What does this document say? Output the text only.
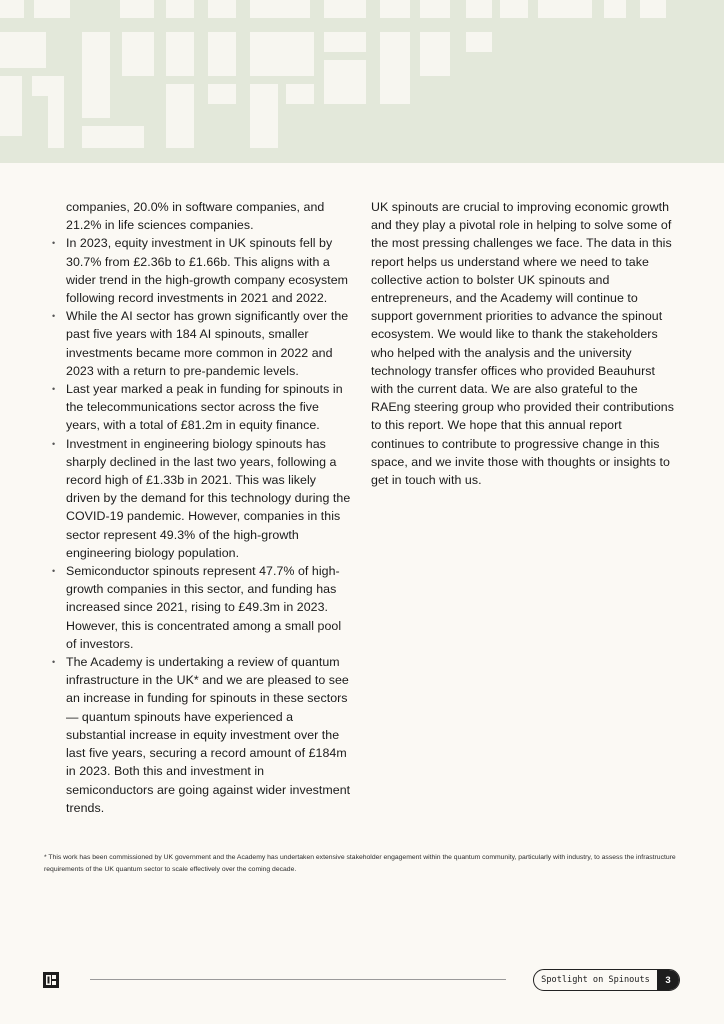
companies, 20.0% in software companies, and 21.2% in life sciences companies.

• In 2023, equity investment in UK spinouts fell by 30.7% from £2.36b to £1.66b. This aligns with a wider trend in the high-growth company ecosystem following record investments in 2021 and 2022.
• While the AI sector has grown significantly over the past five years with 184 AI spinouts, smaller investments became more common in 2022 and 2023 with a return to pre-pandemic levels.
• Last year marked a peak in funding for spinouts in the telecommunications sector across the five years, with a total of £81.2m in equity finance.
• Investment in engineering biology spinouts has sharply declined in the last two years, following a record high of £1.33b in 2021. This was likely driven by the demand for this technology during the COVID-19 pandemic. However, companies in this sector represent 49.3% of the high-growth engineering biology population.
• Semiconductor spinouts represent 47.7% of high-growth companies in this sector, and funding has increased since 2021, rising to £49.3m in 2023. However, this is concentrated among a small pool of investors.
• The Academy is undertaking a review of quantum infrastructure in the UK* and we are pleased to see an increase in funding for spinouts in these sectors — quantum spinouts have experienced a substantial increase in equity investment over the last five years, securing a record amount of £184m in 2023. Both this and investment in semiconductors are going against wider investment trends.

UK spinouts are crucial to improving economic growth and they play a pivotal role in helping to solve some of the most pressing challenges we face. The data in this report helps us understand where we need to take collective action to bolster UK spinouts and entrepreneurs, and the Academy will continue to support government priorities to advance the spinout ecosystem. We would like to thank the stakeholders who helped with the analysis and the university technology transfer offices who provided Beauhurst with the current data. We are also grateful to the RAEng steering group who provided their contributions to this report. We hope that this annual report continues to contribute to progressive change in this space, and we invite those with thoughts or insights to get in touch with us.

* This work has been commissioned by UK government and the Academy has undertaken extensive stakeholder engagement within the quantum community, particularly with industry, to assess the infrastructure requirements of the UK quantum sector to scale effectively over the coming decade.
Spotlight on Spinouts	3
